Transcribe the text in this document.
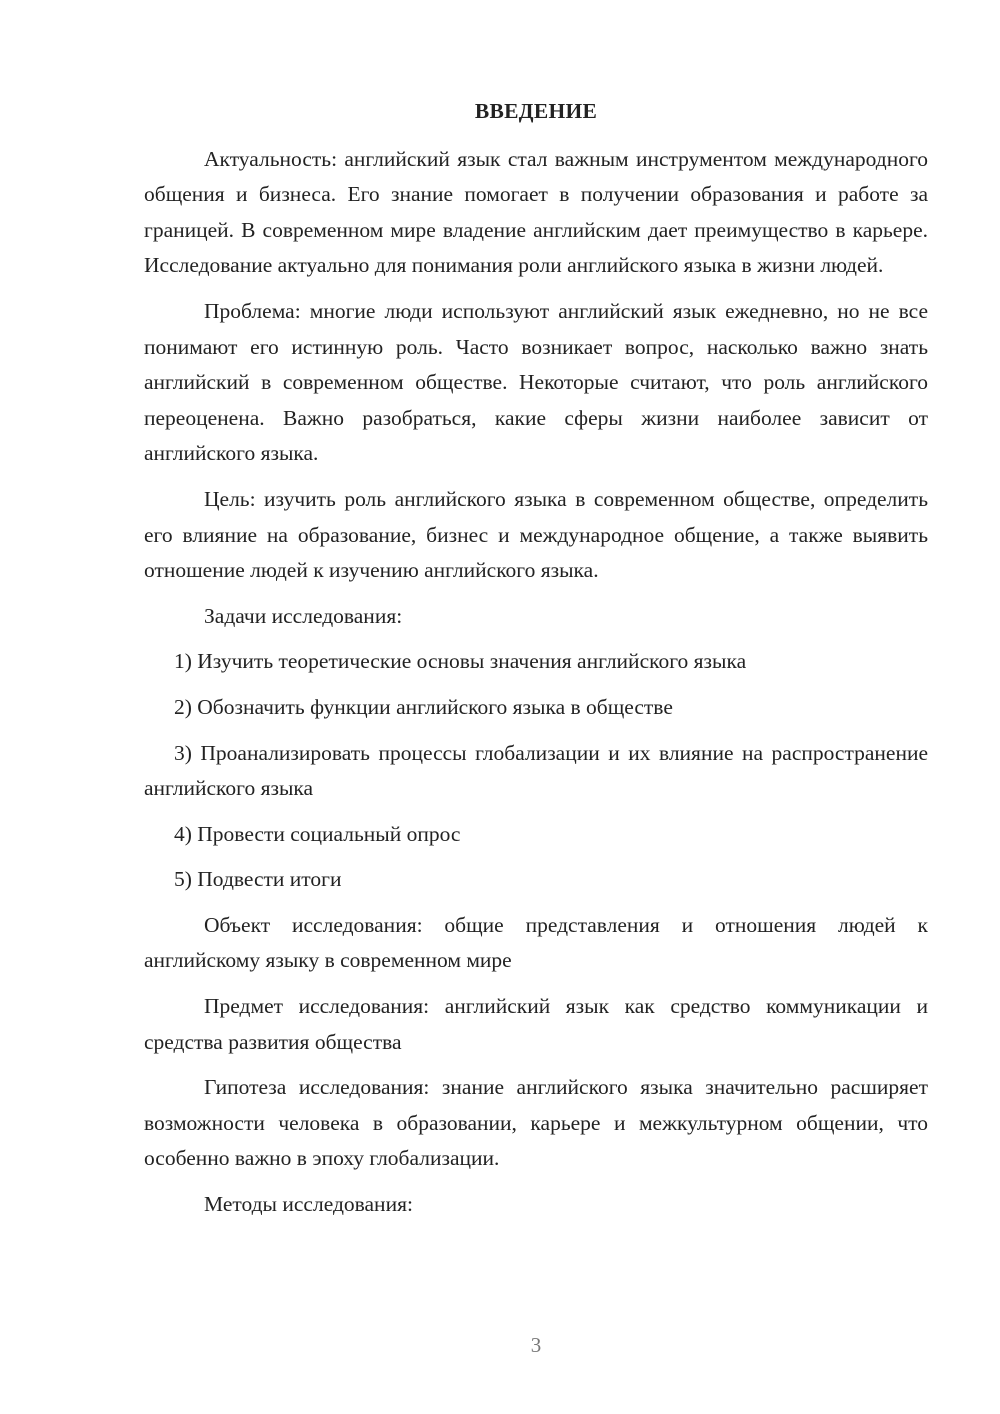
ВВЕДЕНИЕ

Актуальность: английский язык стал важным инструментом международного общения и бизнеса. Его знание помогает в получении образования и работе за границей. В современном мире владение английским дает преимущество в карьере. Исследование актуально для понимания роли английского языка в жизни людей.

Проблема: многие люди используют английский язык ежедневно, но не все понимают его истинную роль. Часто возникает вопрос, насколько важно знать английский в современном обществе. Некоторые считают, что роль английского переоценена. Важно разобраться, какие сферы жизни наиболее зависит от английского языка.

Цель: изучить роль английского языка в современном обществе, определить его влияние на образование, бизнес и международное общение, а также выявить отношение людей к изучению английского языка.

Задачи исследования:

1) Изучить теоретические основы значения английского языка

2) Обозначить функции английского языка в обществе

3) Проанализировать процессы глобализации и их влияние на распространение английского языка

4) Провести социальный опрос

5) Подвести итоги

Объект исследования: общие представления и отношения людей к английскому языку в современном мире

Предмет исследования: английский язык как средство коммуникации и средства развития общества

Гипотеза исследования: знание английского языка значительно расширяет возможности человека в образовании, карьере и межкультурном общении, что особенно важно в эпоху глобализации.

Методы исследования:

3
